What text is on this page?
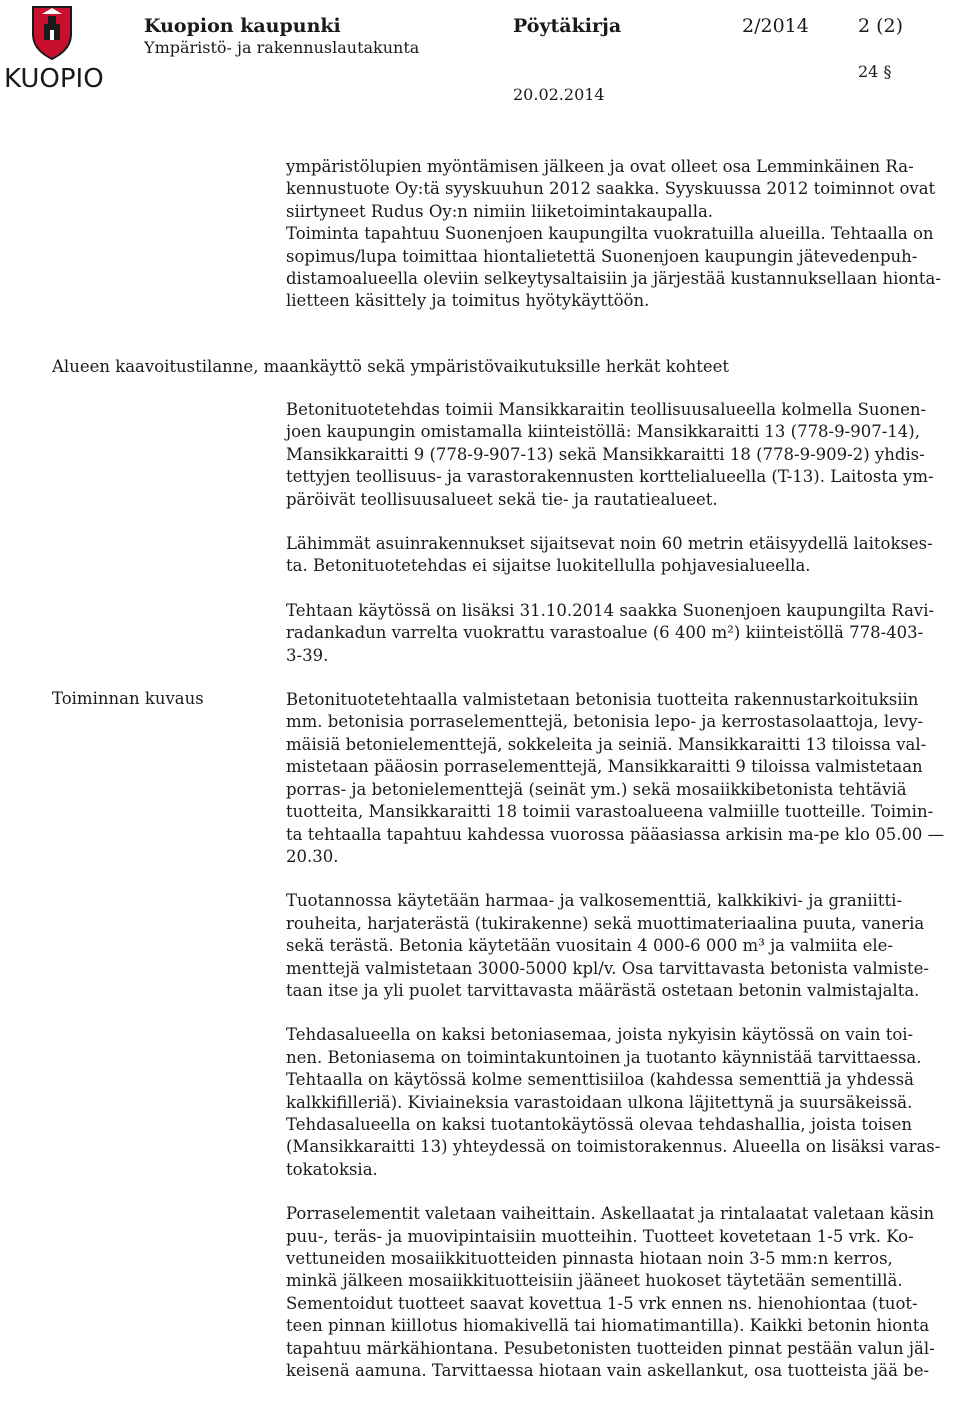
KUOPIO
Kuopion kaupunki	Pöytäkirja	2/2014	2 (2)
Ympäristö- ja rakennuslautakunta
24 §
20.02.2014
ympäristölupien myöntämisen jälkeen ja ovat olleet osa Lemminkäinen Ra-
kennustuote Oy:tä syyskuuhun 2012 saakka. Syyskuussa 2012 toiminnot ovat
siirtyneet Rudus Oy:n nimiin liiketoimintakaupalla.
Toiminta tapahtuu Suonenjoen kaupungilta vuokratuilla alueilla. Tehtaalla on
sopimus/lupa toimittaa hiontalietettä Suonenjoen kaupungin jätevedenpuh-
distamoalueella oleviin selkeytysaltaisiin ja järjestää kustannuksellaan hionta-
lietteen käsittely ja toimitus hyötykäyttöön.
Alueen kaavoitustilanne, maankäyttö sekä ympäristövaikutuksille herkät kohteet
Toiminnan kuvaus
Betonituotetehdas toimii Mansikkaraitin teollisuusalueella kolmella Suonen-
joen kaupungin omistamalla kiinteistöllä: Mansikkaraitti 13 (778-9-907-14),
Mansikkaraitti 9 (778-9-907-13) sekä Mansikkaraitti 18 (778-9-909-2) yhdis-
tettyjen teollisuus- ja varastorakennusten korttelialueella (T-13). Laitosta ym-
päröivät teollisuusalueet sekä tie- ja rautatiealueet.
Lähimmät asuinrakennukset sijaitsevat noin 60 metrin etäisyydellä laitokses-
ta. Betonituotetehdas ei sijaitse luokitellulla pohjavesialueella.
Tehtaan käytössä on lisäksi 31.10.2014 saakka Suonenjoen kaupungilta Ravi-
radankadun varrelta vuokrattu varastoalue (6 400 m²) kiinteistöllä 778-403-
3-39.
Betonituotetehtaalla valmistetaan betonisia tuotteita rakennustarkoituksiin
mm. betonisia porraselementtejä, betonisia lepo- ja kerrostasolaattoja, levy-
mäisiä betonielementtejä, sokkeleita ja seiniä. Mansikkaraitti 13 tiloissa val-
mistetaan pääosin porraselementtejä, Mansikkaraitti 9 tiloissa valmistetaan
porras- ja betonielementtejä (seinät ym.) sekä mosaiikkibetonista tehtäviä
tuotteita, Mansikkaraitti 18 toimii varastoalueena valmiille tuotteille. Toimin-
ta tehtaalla tapahtuu kahdessa vuorossa pääasiassa arkisin ma-pe klo 05.00 —
20.30.
Tuotannossa käytetään harmaa- ja valkosementtiä, kalkkikivi- ja graniitti-
rouheita, harjaterästä (tukirakenne) sekä muottimateriaalina puuta, vaneria
sekä terästä. Betonia käytetään vuositain 4 000-6 000 m³ ja valmiita ele-
menttejä valmistetaan 3000-5000 kpl/v. Osa tarvittavasta betonista valmiste-
taan itse ja yli puolet tarvittavasta määrästä ostetaan betonin valmistajalta.
Tehdasalueella on kaksi betoniasemaa, joista nykyisin käytössä on vain toi-
nen. Betoniasema on toimintakuntoinen ja tuotanto käynnistää tarvittaessa.
Tehtaalla on käytössä kolme sementtisiiloa (kahdessa sementtiä ja yhdessä
kalkkifilleriä). Kiviaineksia varastoidaan ulkona läjitettynä ja suursäkeissä.
Tehdasalueella on kaksi tuotantokäytössä olevaa tehdashallia, joista toisen
(Mansikkaraitti 13) yhteydessä on toimistorakennus. Alueella on lisäksi varas-
tokatoksia.
Porraselementit valetaan vaiheittain. Askellaatat ja rintalaatat valetaan käsin
puu-, teräs- ja muovipintaisiin muotteihin. Tuotteet kovetetaan 1-5 vrk. Ko-
vettuneiden mosaiikkituotteiden pinnasta hiotaan noin 3-5 mm:n kerros,
minkä jälkeen mosaiikkituotteisiin jääneet huokoset täytetään sementillä.
Sementoidut tuotteet saavat kovettua 1-5 vrk ennen ns. hienohiontaa (tuot-
teen pinnan kiillotus hiomakivellä tai hiomatimantilla). Kaikki betonin hionta
tapahtuu märkähiontana. Pesubetonisten tuotteiden pinnat pestään valun jäl-
keisenä aamuna. Tarvittaessa hiotaan vain askellankut, osa tuotteista jää be-
